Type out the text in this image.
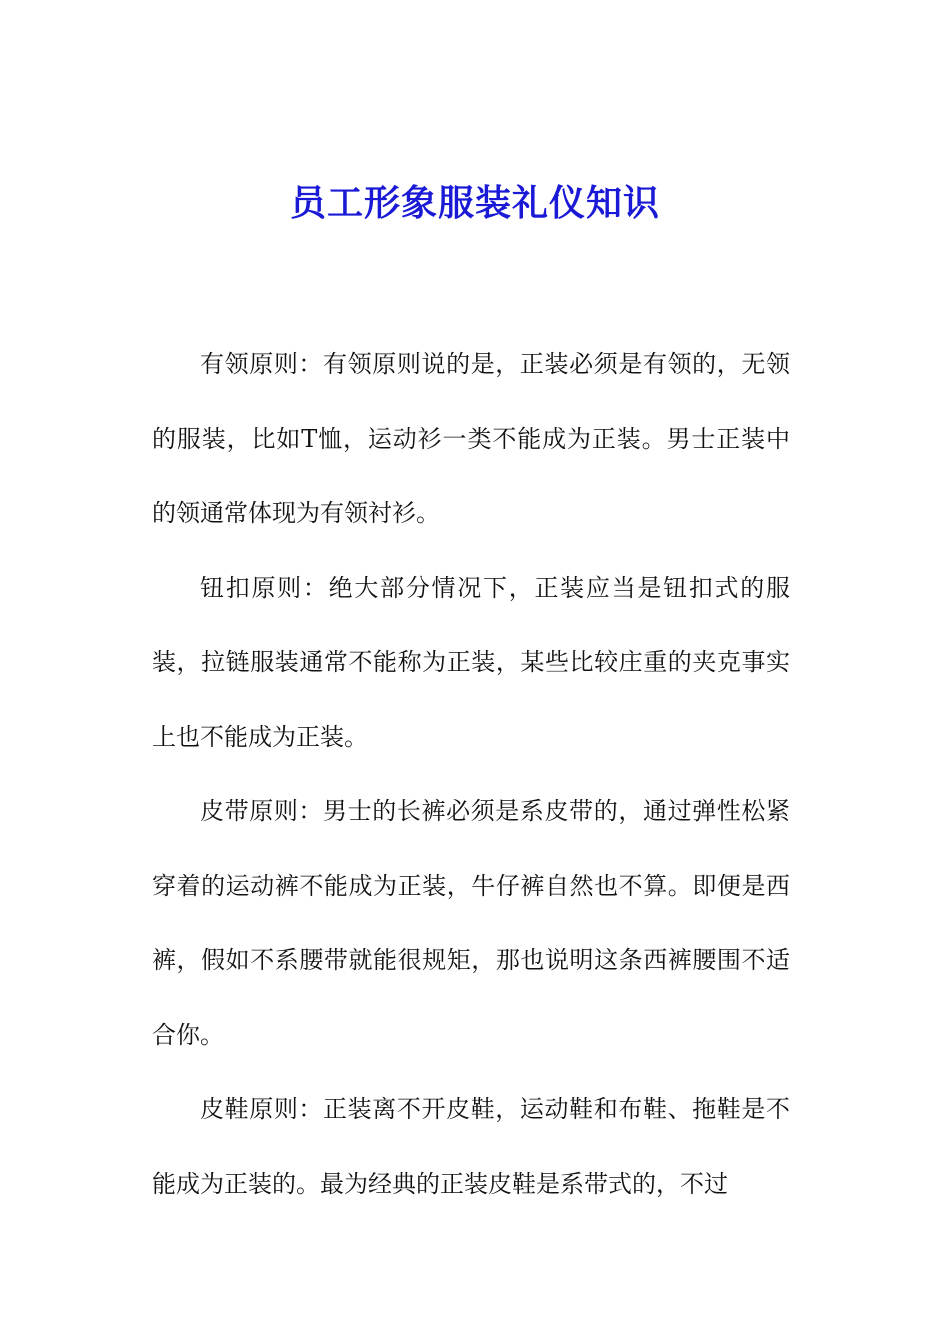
员工形象服装礼仪知识

有领原则：有领原则说的是，正装必须是有领的，无领的服装，比如T恤，运动衫一类不能成为正装。男士正装中的领通常体现为有领衬衫。

钮扣原则：绝大部分情况下，正装应当是钮扣式的服装，拉链服装通常不能称为正装，某些比较庄重的夹克事实上也不能成为正装。

皮带原则：男士的长裤必须是系皮带的，通过弹性松紧穿着的运动裤不能成为正装，牛仔裤自然也不算。即便是西裤，假如不系腰带就能很规矩，那也说明这条西裤腰围不适合你。

皮鞋原则：正装离不开皮鞋，运动鞋和布鞋、拖鞋是不能成为正装的。最为经典的正装皮鞋是系带式的，不过
